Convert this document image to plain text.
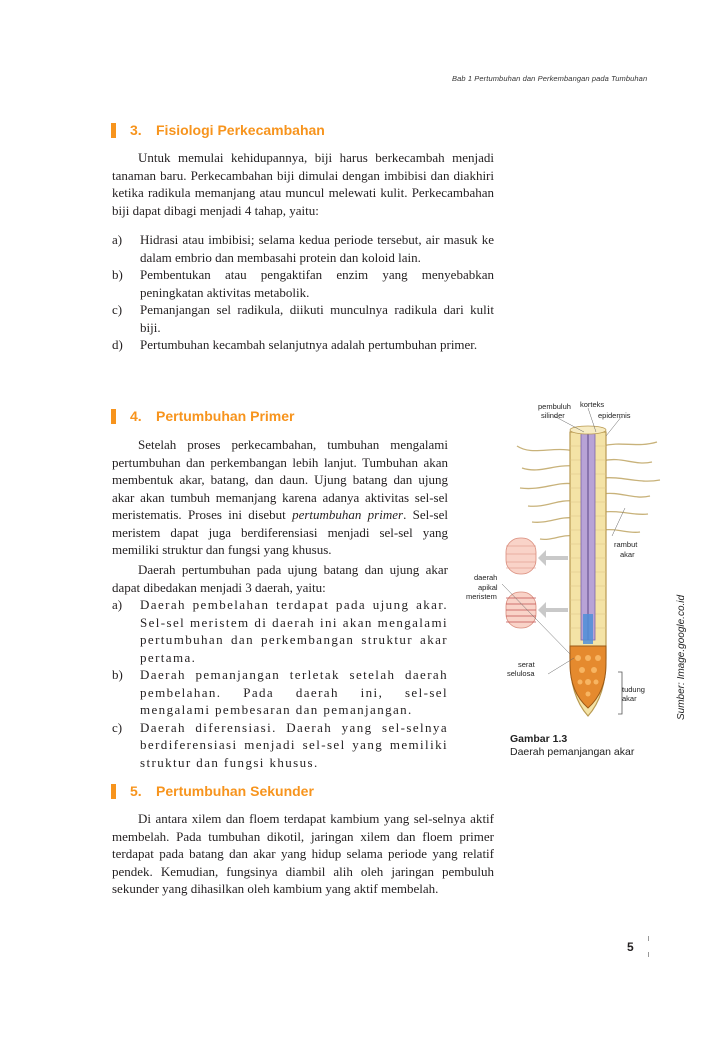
Bab 1 Pertumbuhan dan Perkembangan pada Tumbuhan
3.	Fisiologi Perkecambahan

Untuk memulai kehidupannya, biji harus berkecambah menjadi tanaman baru. Perkecambahan biji dimulai dengan imbibisi dan diakhiri ketika radikula memanjang atau muncul melewati kulit. Perkecambahan biji dapat dibagi menjadi 4 tahap, yaitu:

a) Hidrasi atau imbibisi; selama kedua periode tersebut, air masuk ke dalam embrio dan membasahi protein dan koloid lain.
b) Pembentukan atau pengaktifan enzim yang menyebabkan peningkatan aktivitas metabolik.
c) Pemanjangan sel radikula, diikuti munculnya radikula dari kulit biji.
d) Pertumbuhan kecambah selanjutnya adalah pertumbuhan primer.
4.	Pertumbuhan Primer

Setelah proses perkecambahan, tumbuhan mengalami pertumbuhan dan perkembangan lebih lanjut. Tumbuhan akan membentuk akar, batang, dan daun. Ujung batang dan ujung akar akan tumbuh memanjang karena adanya aktivitas sel-sel meristematis. Proses ini disebut pertumbuhan primer. Sel-sel meristem dapat juga berdiferensiasi menjadi sel-sel yang memiliki struktur dan fungsi yang khusus.

Daerah pertumbuhan pada ujung batang dan ujung akar dapat dibedakan menjadi 3 daerah, yaitu:

a) Daerah pembelahan terdapat pada ujung akar. Sel-sel meristem di daerah ini akan mengalami pertumbuhan dan perkembangan struktur akar pertama.
b) Daerah pemanjangan terletak setelah daerah pembelahan. Pada daerah ini, sel-sel mengalami pembesaran dan pemanjangan.
c) Daerah diferensiasi. Daerah yang sel-selnya berdiferensiasi menjadi sel-sel yang memiliki struktur dan fungsi khusus.
5.	Pertumbuhan Sekunder

Di antara xilem dan floem terdapat kambium yang sel-selnya aktif membelah. Pada tumbuhan dikotil, jaringan xilem dan floem primer terdapat pada batang dan akar yang hidup selama periode yang relatif pendek. Kemudian, fungsinya diambil alih oleh jaringan pembuluh sekunder yang dihasilkan oleh kambium yang aktif membelah.

pembuluh
silinder
korteks
epidermis
rambut
akar
daerah
apikal
meristem
serat
selulosa
tudung
akar
Gambar 1.3
Daerah pemanjangan akar
Sumber: Image.google.co.id
5
